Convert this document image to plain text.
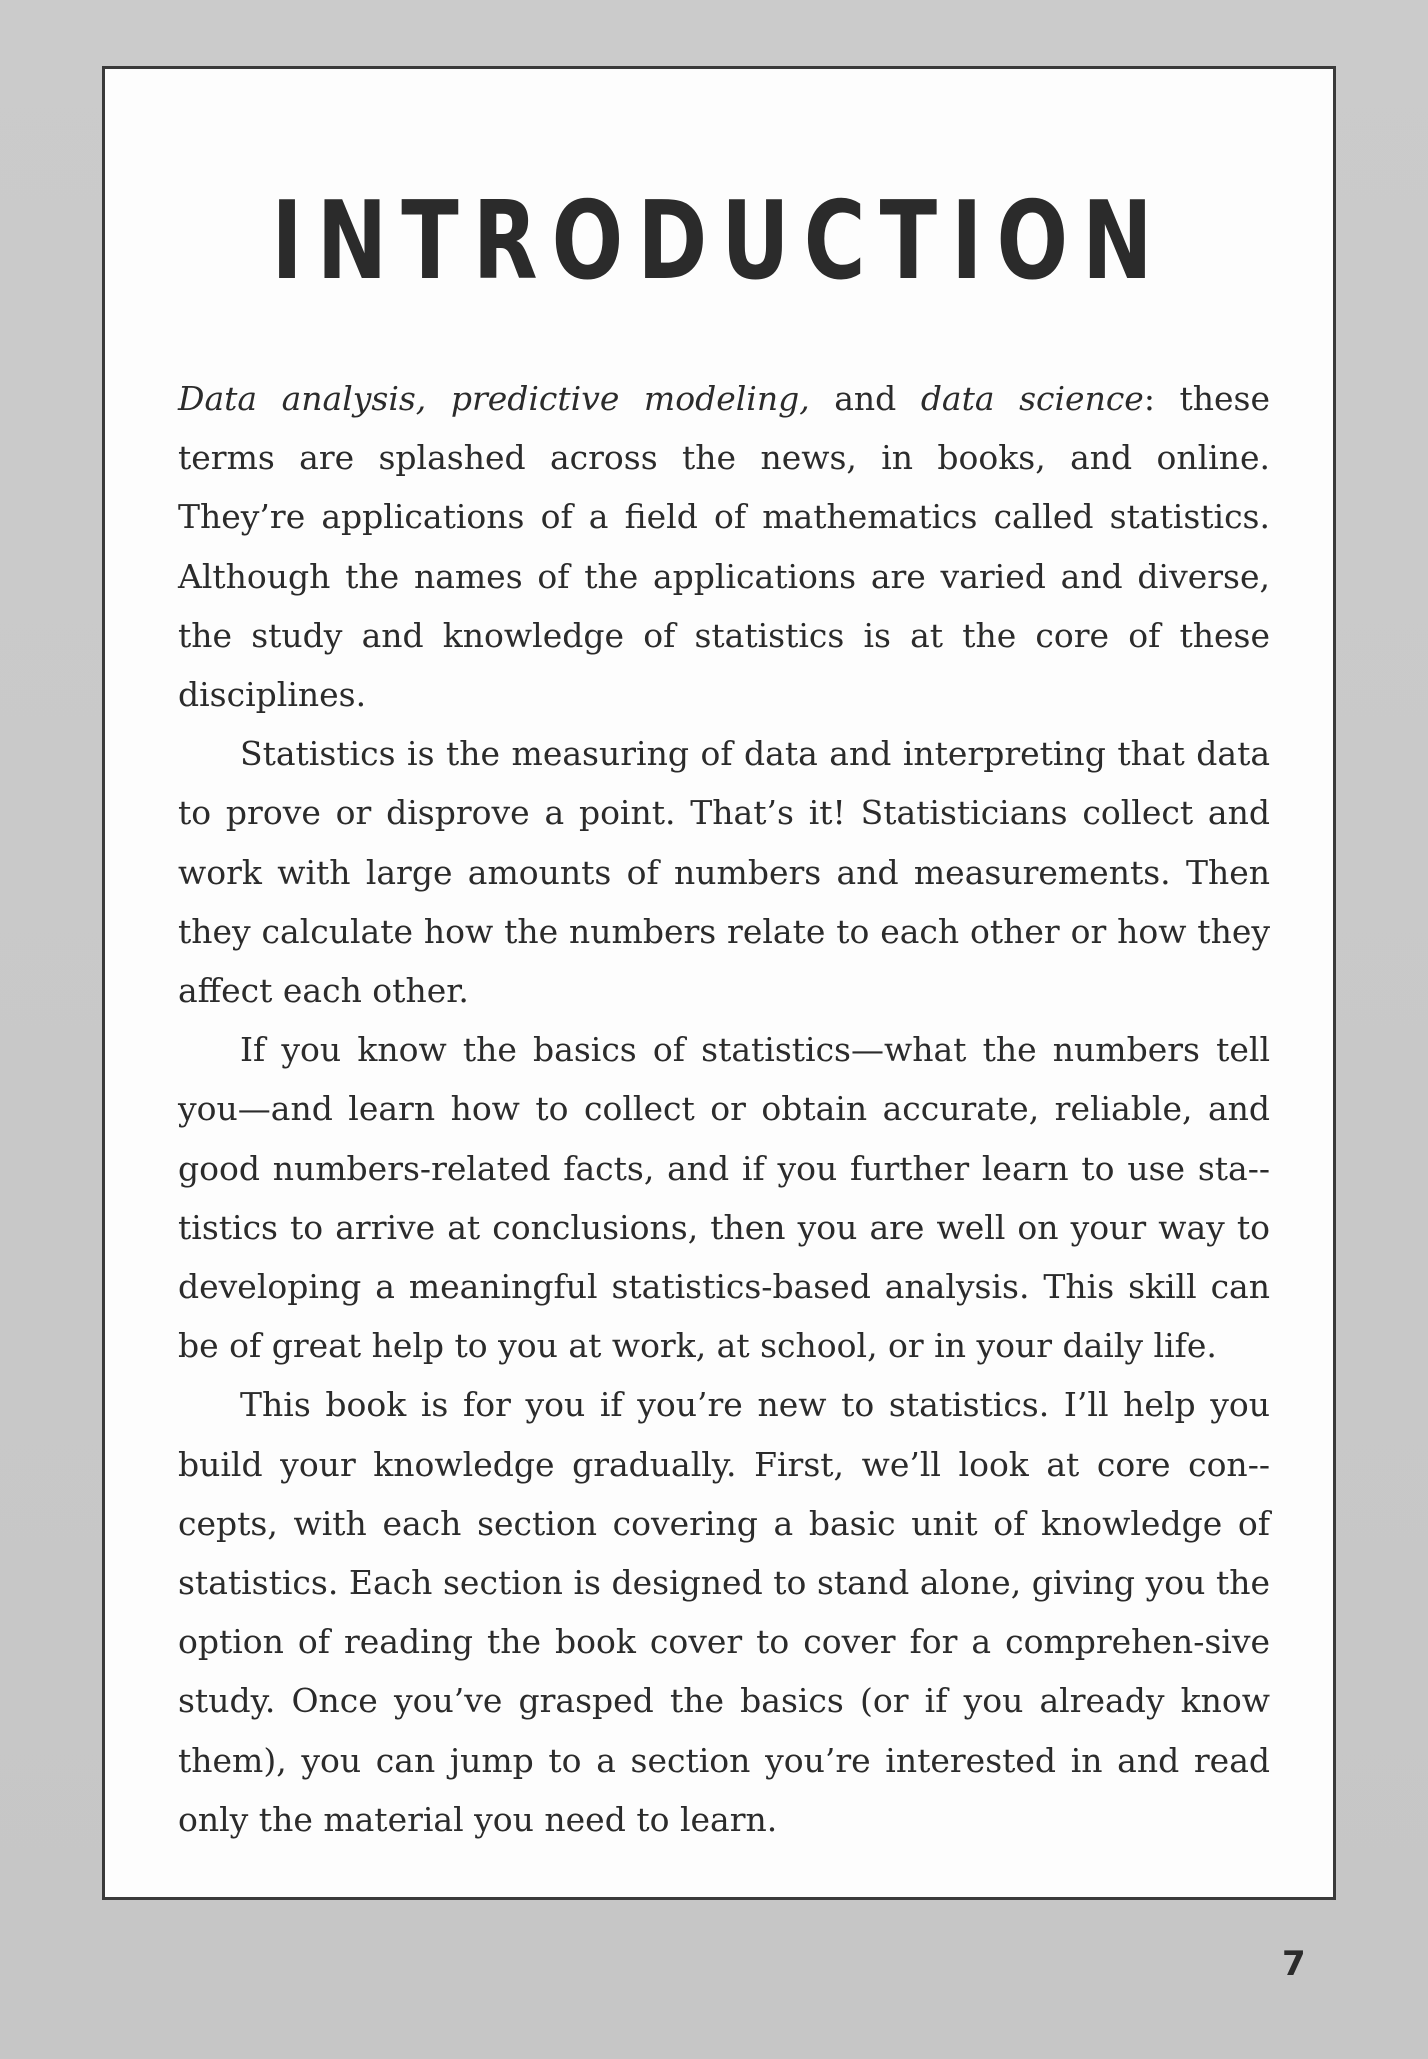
INTRODUCTION

Data analysis, predictive modeling, and data science: these terms are splashed across the news, in books, and online. They’re applications of a field of mathematics called statistics. Although the names of the applications are varied and diverse, the study and knowledge of statistics is at the core of these disciplines.

Statistics is the measuring of data and interpreting that data to prove or disprove a point. That’s it! Statisticians collect and work with large amounts of numbers and measurements. Then they calculate how the numbers relate to each other or how they affect each other.

If you know the basics of statistics—what the numbers tell you—and learn how to collect or obtain accurate, reliable, and good numbers-related facts, and if you further learn to use sta-tistics to arrive at conclusions, then you are well on your way to developing a meaningful statistics-based analysis. This skill can be of great help to you at work, at school, or in your daily life.

This book is for you if you’re new to statistics. I’ll help you build your knowledge gradually. First, we’ll look at core con-cepts, with each section covering a basic unit of knowledge of statistics. Each section is designed to stand alone, giving you the option of reading the book cover to cover for a comprehen-sive study. Once you’ve grasped the basics (or if you already know them), you can jump to a section you’re interested in and read only the material you need to learn.

7
